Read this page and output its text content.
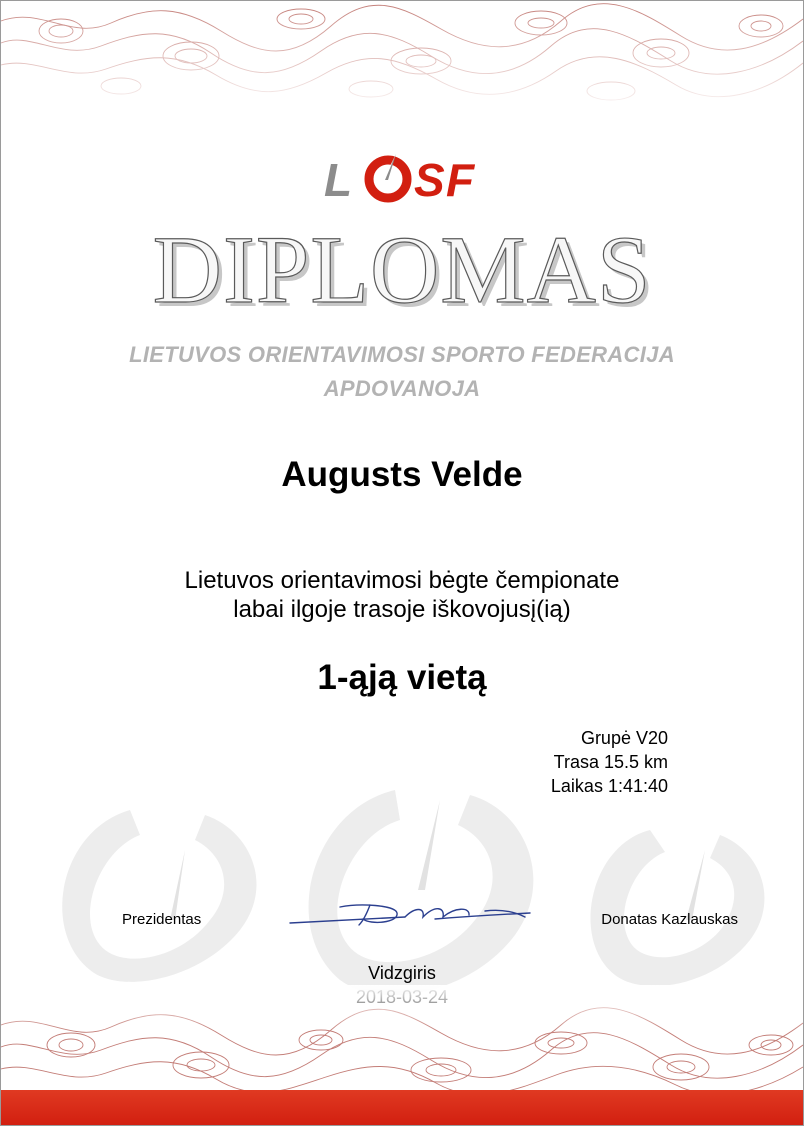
L S F
DIPLOMAS
LIETUVOS ORIENTAVIMOSI SPORTO FEDERACIJA
APDOVANOJA
Augusts Velde
Lietuvos orientavimosi bėgte čempionate
labai ilgoje trasoje iškovojusį(ią)
1-ąją vietą
Grupė V20
Trasa 15.5 km
Laikas 1:41:40
Prezidentas	Donatas Kazlauskas
Vidzgiris
